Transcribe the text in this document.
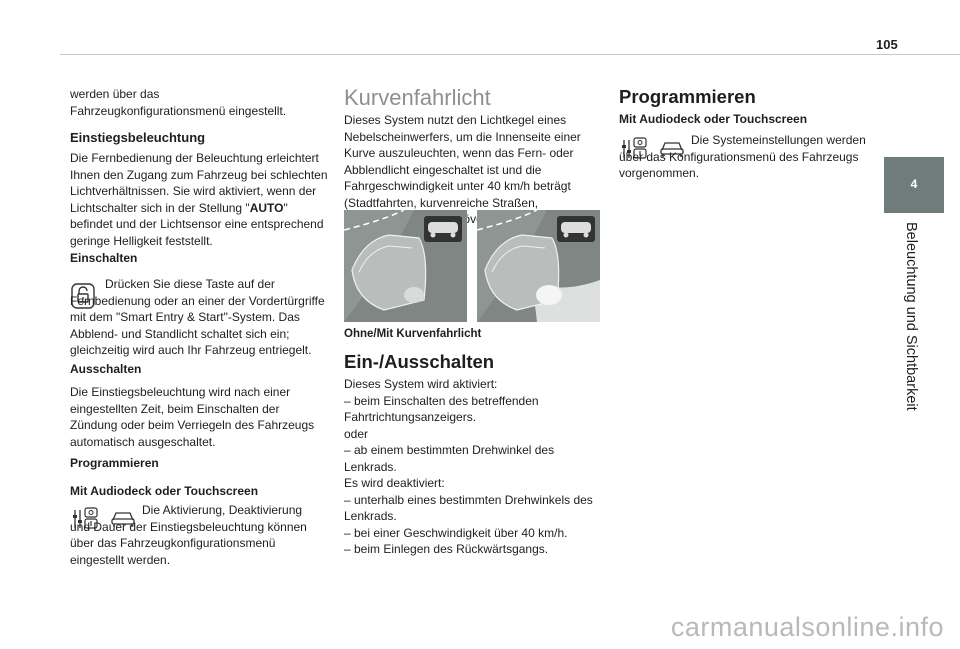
105
4
Beleuchtung und Sichtbarkeit

werden über das Fahrzeugkonfigurationsmenü eingestellt.

Einstiegsbeleuchtung

Die Fernbedienung der Beleuchtung erleichtert Ihnen den Zugang zum Fahrzeug bei schlechten Lichtverhältnissen. Sie wird aktiviert, wenn der Lichtschalter sich in der Stellung "AUTO" befindet und der Lichtsensor eine entsprechend geringe Helligkeit feststellt.

Einschalten

Drücken Sie diese Taste auf der Fernbedienung oder an einer der Vordertürgriffe mit dem "Smart Entry & Start"-System. Das Abblend- und Standlicht schaltet sich ein; gleichzeitig wird auch Ihr Fahrzeug entriegelt.

Ausschalten

Die Einstiegsbeleuchtung wird nach einer eingestellten Zeit, beim Einschalten der Zündung oder beim Verriegeln des Fahrzeugs automatisch ausgeschaltet.

Programmieren
Mit Audiodeck oder Touchscreen

Die Aktivierung, Deaktivierung und Dauer der Einstiegsbeleuchtung können über das Fahrzeugkonfigurationsmenü eingestellt werden.

Kurvenfahrlicht

Dieses System nutzt den Lichtkegel eines Nebelscheinwerfers, um die Innenseite einer Kurve auszuleuchten, wenn das Fern- oder Abblendlicht eingeschaltet ist und die Fahrgeschwindigkeit unter 40 km/h beträgt (Stadtfahrten, kurvenreiche Straßen,

Ohne/Mit Kurvenfahrlicht
Ein-/Ausschalten

Dieses System wird aktiviert:

– beim Einschalten des betreffenden

Fahrtrichtungsanzeigers.

oder

– ab einem bestimmten Drehwinkel des Lenkrads.

Es wird deaktiviert:

– unterhalb eines bestimmten Drehwinkels des

Lenkrads.

– bei einer Geschwindigkeit über 40 km/h.

– beim Einlegen des Rückwärtsgangs.

Programmieren
Mit Audiodeck oder Touchscreen

Die Systemeinstellungen werden über das Konfigurationsmenü des Fahrzeugs vorgenommen.

carmanualsonline.info
